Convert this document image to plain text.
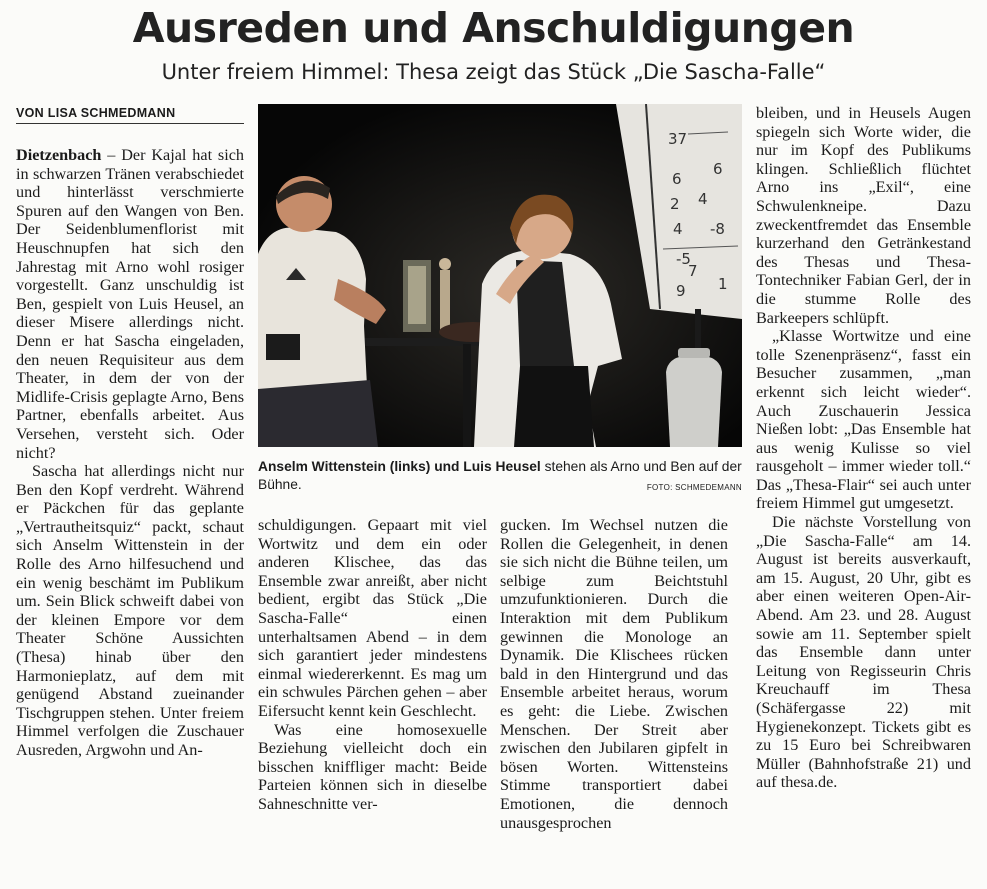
Ausreden und Anschuldigungen
Unter freiem Himmel: Thesa zeigt das Stück „Die Sascha-Falle“
VON LISA SCHMEDMANN

Dietzenbach – Der Kajal hat sich in schwarzen Tränen verabschiedet und hinterlässt verschmierte Spuren auf den Wangen von Ben. Der Seidenblumenflorist mit Heuschnupfen hat sich den Jahrestag mit Arno wohl rosiger vorgestellt. Ganz unschuldig ist Ben, gespielt von Luis Heusel, an dieser Misere allerdings nicht. Denn er hat Sascha eingeladen, den neuen Requisiteur aus dem Theater, in dem der von der Midlife-Crisis geplagte Arno, Bens Partner, ebenfalls arbeitet. Aus Versehen, versteht sich. Oder nicht?

Sascha hat allerdings nicht nur Ben den Kopf verdreht. Während er Päckchen für das geplante „Vertrautheitsquiz“ packt, schaut sich Anselm Wittenstein in der Rolle des Arno hilfesuchend und ein wenig beschämt im Publikum um. Sein Blick schweift dabei von der kleinen Empore vor dem Theater Schöne Aussichten (Thesa) hinab über den Harmonieplatz, auf dem mit genügend Abstand zueinander Tischgruppen stehen. Unter freiem Himmel verfolgen die Zuschauer Ausreden, Argwohn und An-

schuldigungen. Gepaart mit viel Wortwitz und dem ein oder anderen Klischee, das das Ensemble zwar anreißt, aber nicht bedient, ergibt das Stück „Die Sascha-Falle“ einen unterhaltsamen Abend – in dem sich garantiert jeder mindestens einmal wiedererkennt. Es mag um ein schwules Pärchen gehen – aber Eifersucht kennt kein Geschlecht.

Was eine homosexuelle Beziehung vielleicht doch ein bisschen kniffliger macht: Beide Parteien können sich in dieselbe Sahneschnitte ver-

gucken. Im Wechsel nutzen die Rollen die Gelegenheit, in denen sie sich nicht die Bühne teilen, um selbige zum Beichtstuhl umzufunktionieren. Durch die Interaktion mit dem Publikum gewinnen die Monologe an Dynamik. Die Klischees rücken bald in den Hintergrund und das Ensemble arbeitet heraus, worum es geht: die Liebe. Zwischen Menschen. Der Streit aber zwischen den Jubilaren gipfelt in bösen Worten. Wittensteins Stimme transportiert dabei Emotionen, die dennoch unausgesprochen

bleiben, und in Heusels Augen spiegeln sich Worte wider, die nur im Kopf des Publikums klingen. Schließlich flüchtet Arno ins „Exil“, eine Schwulenkneipe. Dazu zweckentfremdet das Ensemble kurzerhand den Getränkestand des Thesas und Thesa-Tontechniker Fabian Gerl, der in die stumme Rolle des Barkeepers schlüpft.

„Klasse Wortwitze und eine tolle Szenenpräsenz“, fasst ein Besucher zusammen, „man erkennt sich leicht wieder“. Auch Zuschauerin Jessica Nießen lobt: „Das Ensemble hat aus wenig Kulisse so viel rausgeholt – immer wieder toll.“ Das „Thesa-Flair“ sei auch unter freiem Himmel gut umgesetzt.

Die nächste Vorstellung von „Die Sascha-Falle“ am 14. August ist bereits ausverkauft, am 15. August, 20 Uhr, gibt es aber einen weiteren Open-Air-Abend. Am 23. und 28. August sowie am 11. September spielt das Ensemble dann unter Leitung von Regisseurin Chris Kreuchauff im Thesa (Schäfergasse 22) mit Hygienekonzept. Tickets gibt es zu 15 Euro bei Schreibwaren Müller (Bahnhofstraße 21) und auf thesa.de.

37
6
6
2 4
4 -8
-5
7
9 1
Anselm Wittenstein (links) und Luis Heusel stehen als Arno und Ben auf der Bühne.	FOTO: SCHMEDEMANN
